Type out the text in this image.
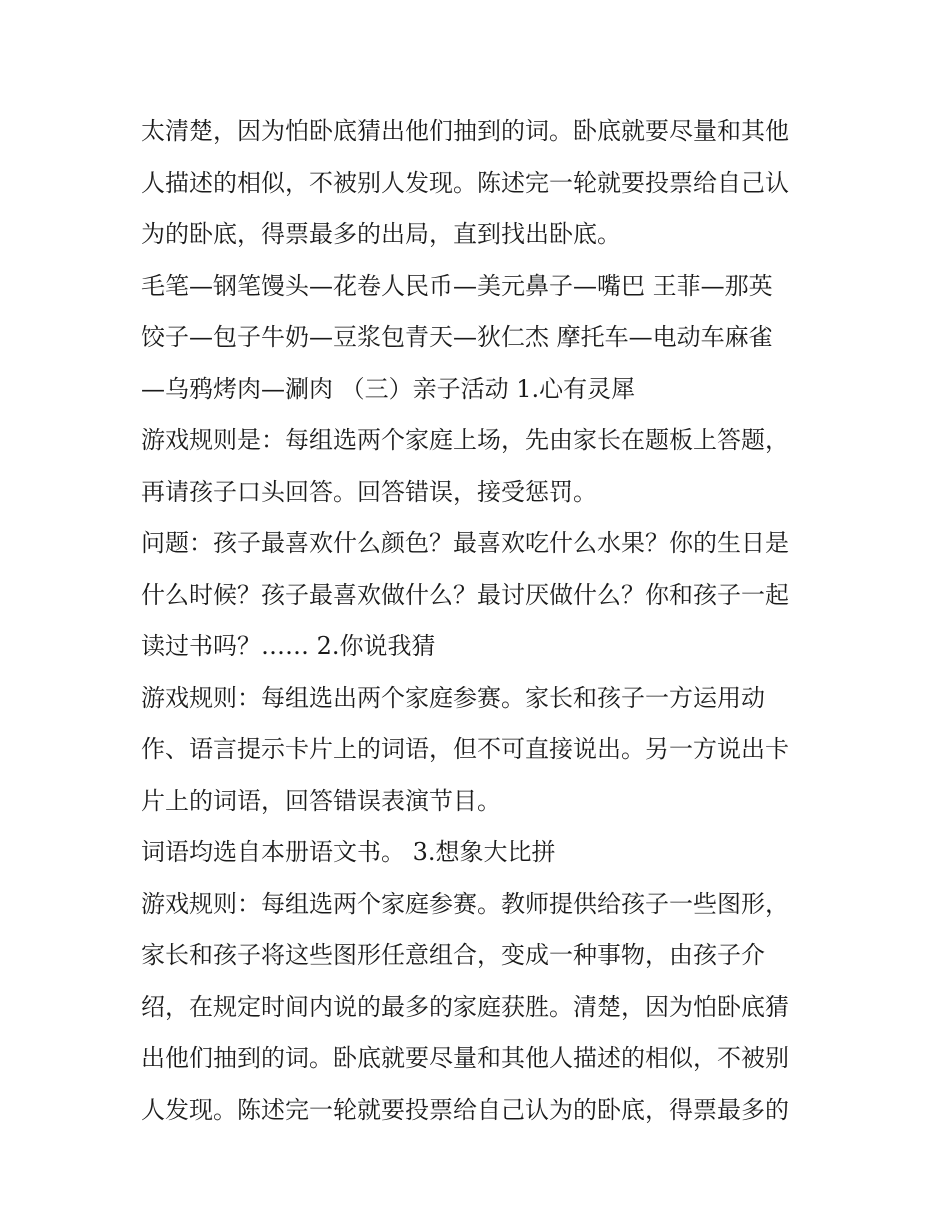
太清楚，因为怕卧底猜出他们抽到的词。卧底就要尽量和其他

人描述的相似，不被别人发现。陈述完一轮就要投票给自己认

为的卧底，得票最多的出局，直到找出卧底。

毛笔—钢笔馒头—花卷人民币—美元鼻子—嘴巴 王菲—那英

饺子—包子牛奶—豆浆包青天—狄仁杰 摩托车—电动车麻雀

—乌鸦烤肉—涮肉 （三）亲子活动 1.心有灵犀

游戏规则是：每组选两个家庭上场，先由家长在题板上答题，

再请孩子口头回答。回答错误，接受惩罚。

问题：孩子最喜欢什么颜色？最喜欢吃什么水果？你的生日是

什么时候？孩子最喜欢做什么？最讨厌做什么？你和孩子一起

读过书吗？…… 2.你说我猜

游戏规则：每组选出两个家庭参赛。家长和孩子一方运用动

作、语言提示卡片上的词语，但不可直接说出。另一方说出卡

片上的词语，回答错误表演节目。

词语均选自本册语文书。 3.想象大比拼

游戏规则：每组选两个家庭参赛。教师提供给孩子一些图形，

家长和孩子将这些图形任意组合，变成一种事物，由孩子介

绍，在规定时间内说的最多的家庭获胜。清楚，因为怕卧底猜

出他们抽到的词。卧底就要尽量和其他人描述的相似，不被别

人发现。陈述完一轮就要投票给自己认为的卧底，得票最多的
